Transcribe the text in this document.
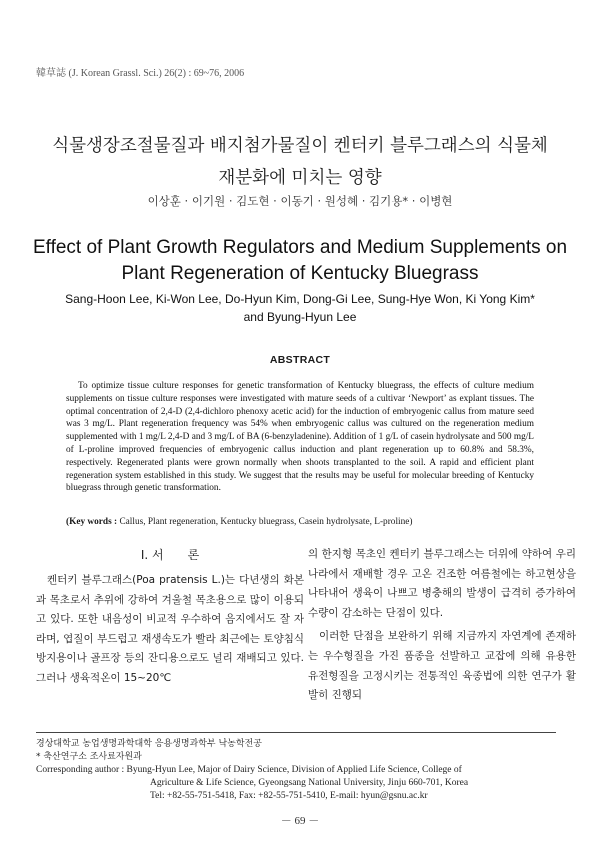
韓草誌 (J. Korean Grassl. Sci.) 26(2) : 69~76, 2006
식물생장조절물질과 배지첨가물질이 켄터키 블루그래스의 식물체
재분화에 미치는 영향
이상훈 · 이기원 · 김도현 · 이동기 · 원성혜 · 김기용* · 이병현
Effect of Plant Growth Regulators and Medium Supplements on
Plant Regeneration of Kentucky Bluegrass
Sang-Hoon Lee, Ki-Won Lee, Do-Hyun Kim, Dong-Gi Lee, Sung-Hye Won, Ki Yong Kim*
and Byung-Hyun Lee
ABSTRACT
To optimize tissue culture responses for genetic transformation of Kentucky bluegrass, the effects of culture medium supplements on tissue culture responses were investigated with mature seeds of a cultivar ‘Newport’ as explant tissues. The optimal concentration of 2,4-D (2,4-dichloro phenoxy acetic acid) for the induction of embryogenic callus from mature seed was 3 mg/L. Plant regeneration frequency was 54% when embryogenic callus was cultured on the regeneration medium supplemented with 1 mg/L 2,4-D and 3 mg/L of BA (6-benzyladenine). Addition of 1 g/L of casein hydrolysate and 500 mg/L of L-proline improved frequencies of embryogenic callus induction and plant regeneration up to 60.8% and 58.3%, respectively. Regenerated plants were grown normally when shoots transplanted to the soil. A rapid and efficient plant regeneration system established in this study. We suggest that the results may be useful for molecular breeding of Kentucky bluegrass through genetic transformation.
(Key words : Callus, Plant regeneration, Kentucky bluegrass, Casein hydrolysate, L-proline)
I. 서　　론

켄터키 블루그래스(Poa pratensis L.)는 다년생의 화본과 목초로서 추위에 강하여 겨울철 목초용으로 많이 이용되고 있다. 또한 내음성이 비교적 우수하여 음지에서도 잘 자라며, 엽질이 부드럽고 재생속도가 빨라 최근에는 토양침식 방지용이나 골프장 등의 잔디용으로도 널리 재배되고 있다. 그러나 생육적온이 15~20℃

의 한지형 목초인 켄터키 블루그래스는 더위에 약하여 우리나라에서 재배할 경우 고온 건조한 여름철에는 하고현상을 나타내어 생육이 나쁘고 병충해의 발생이 급격히 증가하여 수량이 감소하는 단점이 있다.

이러한 단점을 보완하기 위해 지금까지 자연계에 존재하는 우수형질을 가진 품종을 선발하고 교잡에 의해 유용한 유전형질을 고정시키는 전통적인 육종법에 의한 연구가 활발히 진행되

경상대학교 농업생명과학대학 응용생명과학부 낙농학전공
* 축산연구소 조사료자원과
Corresponding author : Byung-Hyun Lee, Major of Dairy Science, Division of Applied Life Science, College of
Agriculture & Life Science, Gyeongsang National University, Jinju 660-701, Korea
Tel: +82-55-751-5418, Fax: +82-55-751-5410, E-mail: hyun@gsnu.ac.kr
－ 69 －
